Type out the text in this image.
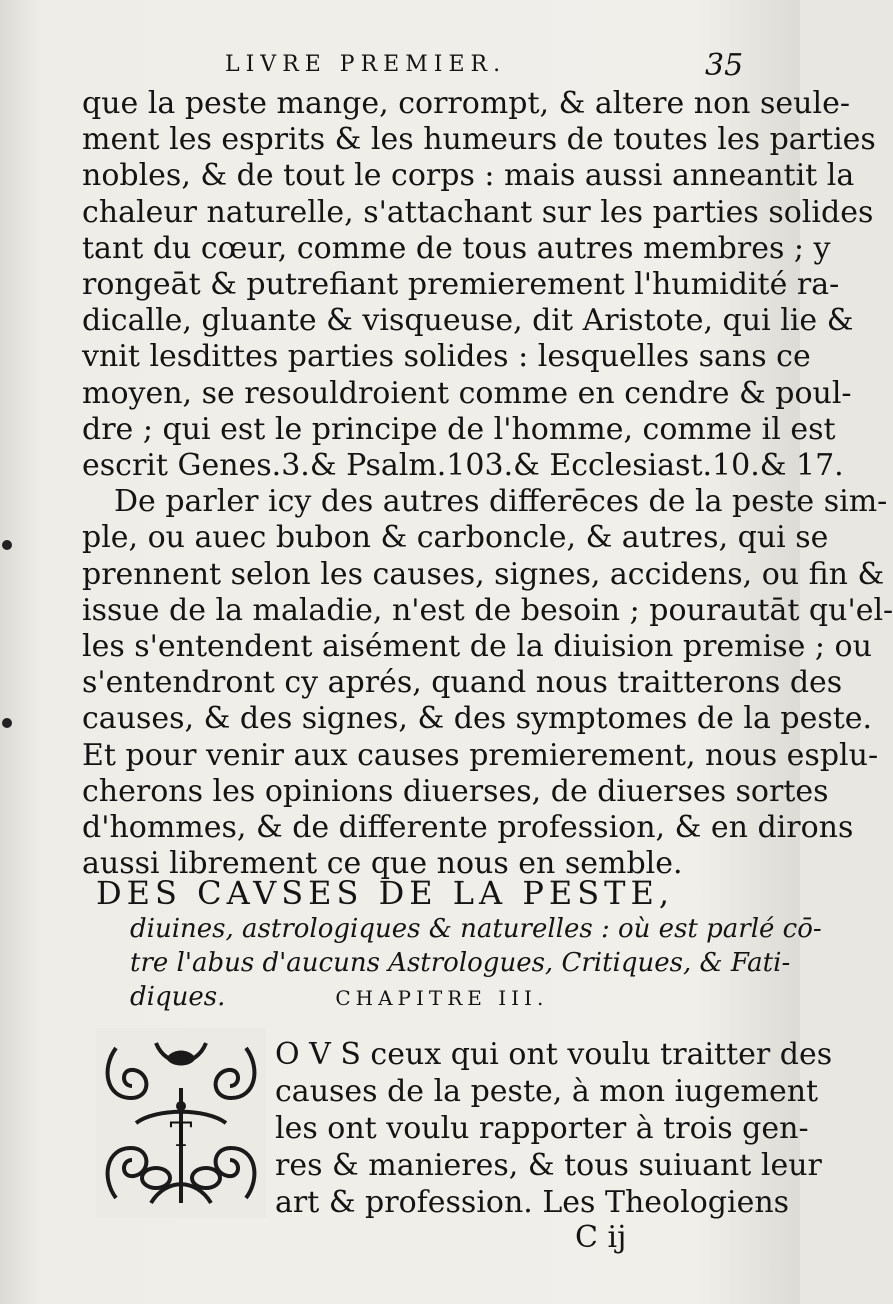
LIVRE PREMIER.	35

que la peste mange, corrompt, & altere non seule-
ment les esprits & les humeurs de toutes les parties
nobles, & de tout le corps : mais aussi anneantit la
chaleur naturelle, s'attachant sur les parties solides
tant du cœur, comme de tous autres membres ; y
rongeāt & putrefiant premierement l'humidité ra-
dicalle, gluante & visqueuse, dit Aristote, qui lie &
vnit lesdittes parties solides : lesquelles sans ce
moyen, se resouldroient comme en cendre & poul-
dre ; qui est le principe de l'homme, comme il est
escrit Genes.3.& Psalm.103.& Ecclesiast.10.& 17.

De parler icy des autres differēces de la peste sim-
ple, ou auec bubon & carboncle, & autres, qui se
prennent selon les causes, signes, accidens, ou fin &
issue de la maladie, n'est de besoin ; pourautāt qu'el-
les s'entendent aisément de la diuision premise ; ou
s'entendront cy aprés, quand nous traitterons des
causes, & des signes, & des symptomes de la peste.
Et pour venir aux causes premierement, nous esplu-
cherons les opinions diuerses, de diuerses sortes
d'hommes, & de differente profession, & en dirons
aussi librement ce que nous en semble.

DES CAVSES DE LA PESTE,
diuines, astrologiques & naturelles : où est parlé cō-
tre l'abus d'aucuns Astrologues, Critiques, & Fati-
diques.	CHAPITRE III.
T
O V S ceux qui ont voulu traitter des
causes de la peste, à mon iugement
les ont voulu rapporter à trois gen-
res & manieres, & tous suiuant leur
art & profession. Les Theologiens
C ij
